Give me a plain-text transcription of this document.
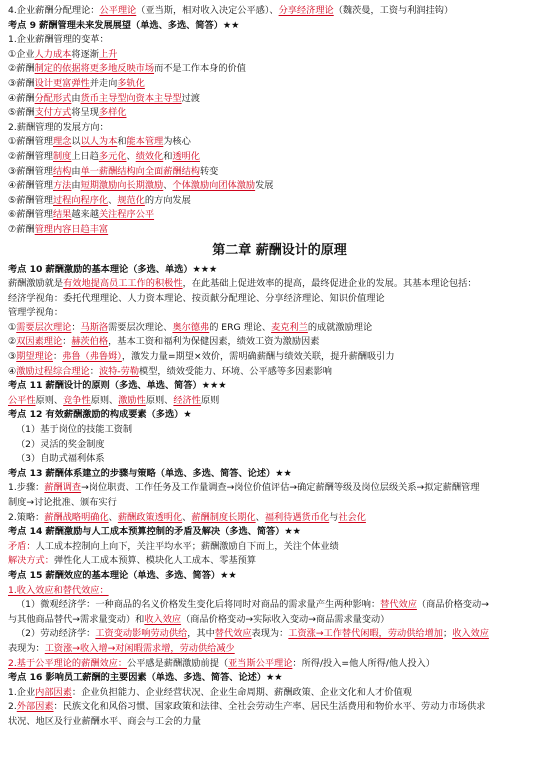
4.企业薪酬分配理论：公平理论（亚当斯，相对收入决定公平感）、分享经济理论（魏茨曼，工资与利润挂钩）
考点 9 薪酬管理未来发展展望（单选、多选、简答）★★
1.企业薪酬管理的变革：
①企业人力成本将逐渐上升
②薪酬制定的依据将更多地反映市场而不是工作本身的价值
③薪酬设计更富弹性并走向多轨化
④薪酬分配形式由货币主导型向资本主导型过渡
⑤薪酬支付方式将呈现多样化
2.薪酬管理的发展方向：
①薪酬管理理念以以人为本和能本管理为核心
②薪酬管理制度上日趋多元化、绩效化和透明化
③薪酬管理结构由单一薪酬结构向全面薪酬结构转变
④薪酬管理方法由短期激励向长期激励、个体激励向团体激励发展
⑤薪酬管理过程向程序化、规范化的方向发展
⑥薪酬管理结果越来越关注程序公平
⑦薪酬管理内容日趋丰富
第二章 薪酬设计的原理
考点 10 薪酬激励的基本理论（多选、单选）★★★
薪酬激励就是有效地提高员工工作的积极性，在此基础上促进效率的提高，最终促进企业的发展。其基本理论包括：
经济学视角：委托代理理论、人力资本理论、按贡献分配理论、分享经济理论、知识价值理论
管理学视角：
①需要层次理论：马斯洛需要层次理论、奥尔德弗的 ERG 理论、麦克利兰的成就激励理论
②双因素理论：赫茨伯格，基本工资和福利为保健因素，绩效工资为激励因素
③期望理论：弗鲁（弗鲁姆），激发力量=期望×效价，需明确薪酬与绩效关联，提升薪酬吸引力
④激励过程综合理论：波特-劳勒模型，绩效受能力、环境、公平感等多因素影响
考点 11 薪酬设计的原则（多选、单选、简答）★★★
公平性原则、竞争性原则、激励性原则、经济性原则
考点 12 有效薪酬激励的构成要素（多选）★
（1）基于岗位的技能工资制
（2）灵活的奖金制度
（3）自助式福利体系
考点 13 薪酬体系建立的步骤与策略（单选、多选、简答、论述）★★
1.步骤：薪酬调查→岗位职责、工作任务及工作量调查→岗位价值评估→确定薪酬等级及岗位层级关系→拟定薪酬管理
制度→讨论批准、颁布实行
2.策略：薪酬战略明确化、薪酬政策透明化、薪酬制度长期化、福利待遇货币化与社会化
考点 14 薪酬激励与人工成本预算控制的矛盾及解决（多选、简答）★★
矛盾：人工成本控制向上向下，关注平均水平；薪酬激励自下而上，关注个体业绩
解决方式：弹性化人工成本预算、模块化人工成本、零基预算
考点 15 薪酬效应的基本理论（单选、多选、简答）★★
1.收入效应和替代效应：
（1）微观经济学：一种商品的名义价格发生变化后将同时对商品的需求量产生两种影响：替代效应（商品价格变动→
与其他商品替代→需求量变动）和收入效应（商品价格变动→实际收入变动→商品需求量变动）
（2）劳动经济学：工资变动影响劳动供给，其中替代效应表现为：工资涨→工作替代闲暇，劳动供给增加；收入效应
表现为：工资涨→收入增→对闲暇需求增，劳动供给减少
2.基于公平理论的薪酬效应：公平感是薪酬激励前提（亚当斯公平理论：所得/投入=他人所得/他人投入）
考点 16 影响员工薪酬的主要因素（单选、多选、简答、论述）★★
1.企业内部因素：企业负担能力、企业经营状况、企业生命周期、薪酬政策、企业文化和人才价值观
2.外部因素：民族文化和风俗习惯、国家政策和法律、全社会劳动生产率、居民生活费用和物价水平、劳动力市场供求
状况、地区及行业薪酬水平、商会与工会的力量
